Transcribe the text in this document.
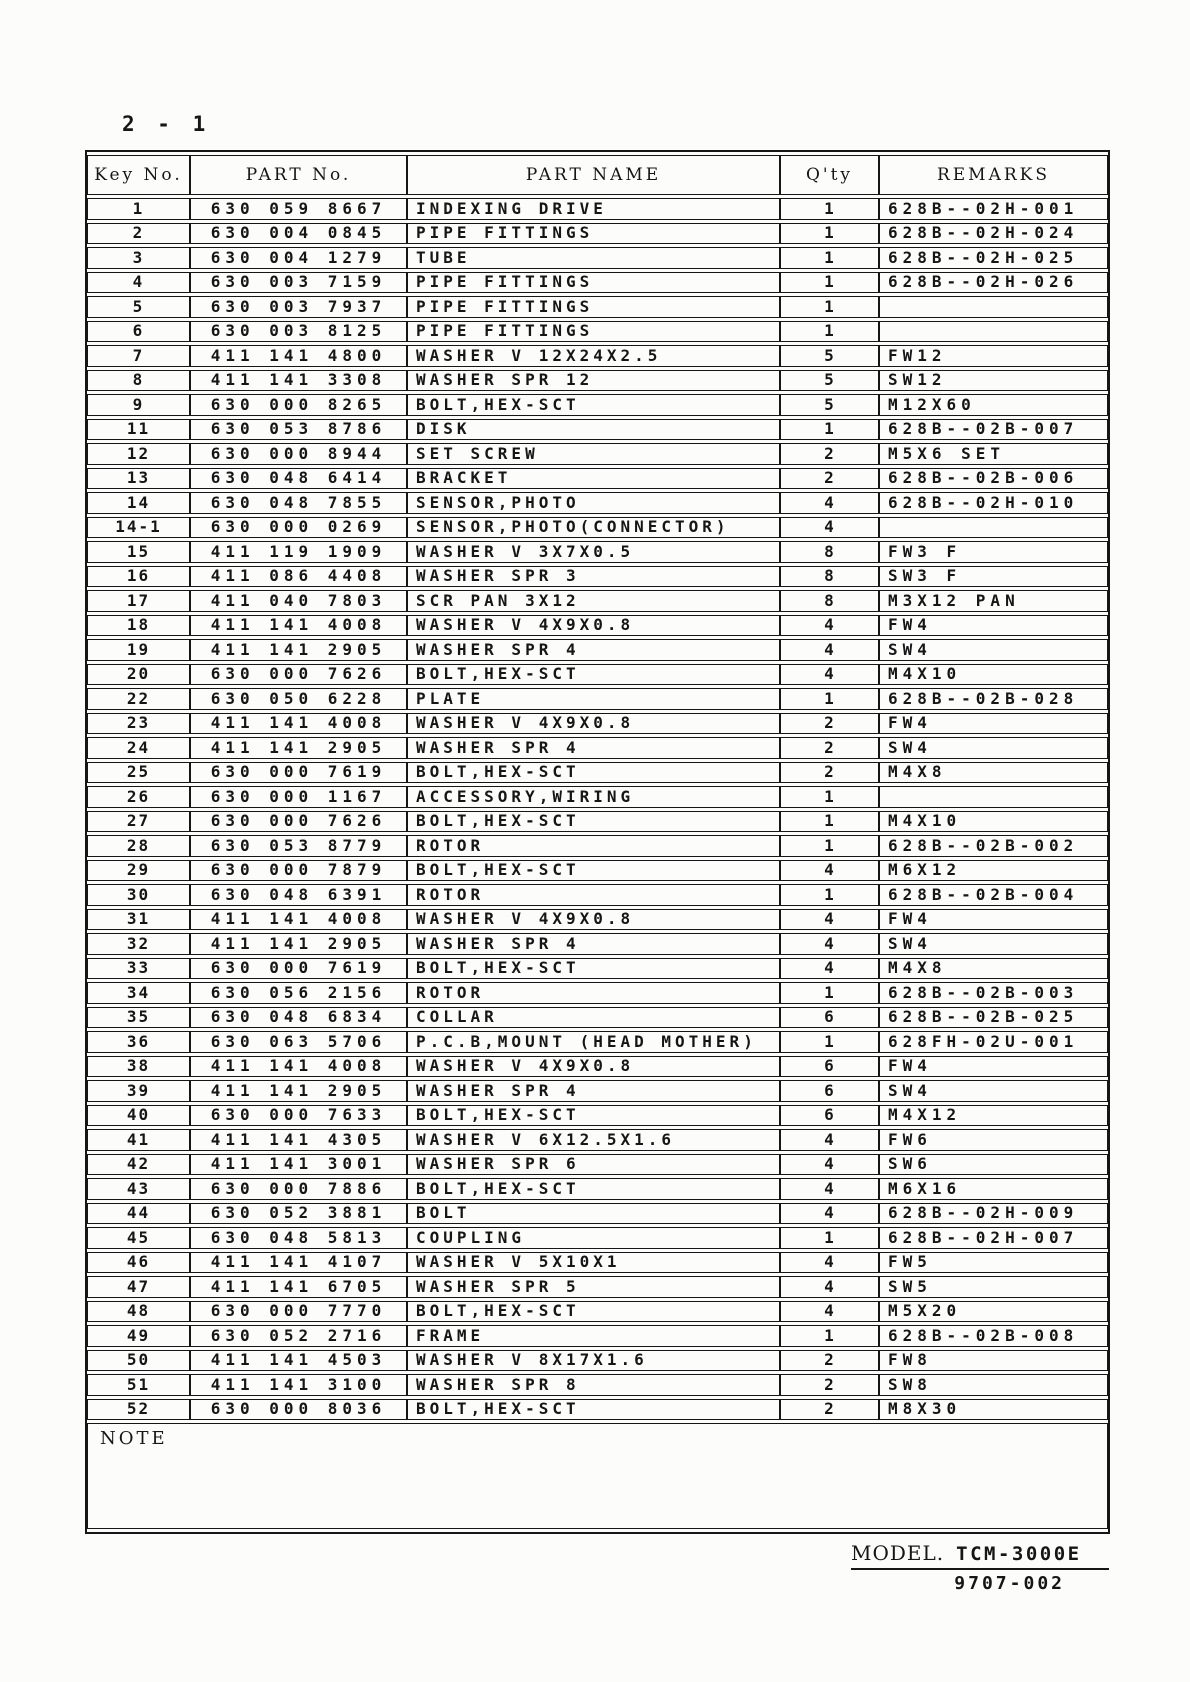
2 - 1
Key No.	PART No.	PART NAME	Q'ty	REMARKS
1	630 059 8667	INDEXING DRIVE	1	628B--02H-001
2	630 004 0845	PIPE FITTINGS	1	628B--02H-024
3	630 004 1279	TUBE	1	628B--02H-025
4	630 003 7159	PIPE FITTINGS	1	628B--02H-026
5	630 003 7937	PIPE FITTINGS	1	
6	630 003 8125	PIPE FITTINGS	1	
7	411 141 4800	WASHER V 12X24X2.5	5	FW12
8	411 141 3308	WASHER SPR 12	5	SW12
9	630 000 8265	BOLT,HEX-SCT	5	M12X60
11	630 053 8786	DISK	1	628B--02B-007
12	630 000 8944	SET SCREW	2	M5X6 SET
13	630 048 6414	BRACKET	2	628B--02B-006
14	630 048 7855	SENSOR,PHOTO	4	628B--02H-010
14-1	630 000 0269	SENSOR,PHOTO(CONNECTOR)	4	
15	411 119 1909	WASHER V 3X7X0.5	8	FW3 F
16	411 086 4408	WASHER SPR 3	8	SW3 F
17	411 040 7803	SCR PAN 3X12	8	M3X12 PAN
18	411 141 4008	WASHER V 4X9X0.8	4	FW4
19	411 141 2905	WASHER SPR 4	4	SW4
20	630 000 7626	BOLT,HEX-SCT	4	M4X10
22	630 050 6228	PLATE	1	628B--02B-028
23	411 141 4008	WASHER V 4X9X0.8	2	FW4
24	411 141 2905	WASHER SPR 4	2	SW4
25	630 000 7619	BOLT,HEX-SCT	2	M4X8
26	630 000 1167	ACCESSORY,WIRING	1	
27	630 000 7626	BOLT,HEX-SCT	1	M4X10
28	630 053 8779	ROTOR	1	628B--02B-002
29	630 000 7879	BOLT,HEX-SCT	4	M6X12
30	630 048 6391	ROTOR	1	628B--02B-004
31	411 141 4008	WASHER V 4X9X0.8	4	FW4
32	411 141 2905	WASHER SPR 4	4	SW4
33	630 000 7619	BOLT,HEX-SCT	4	M4X8
34	630 056 2156	ROTOR	1	628B--02B-003
35	630 048 6834	COLLAR	6	628B--02B-025
36	630 063 5706	P.C.B,MOUNT (HEAD MOTHER)	1	628FH-02U-001
38	411 141 4008	WASHER V 4X9X0.8	6	FW4
39	411 141 2905	WASHER SPR 4	6	SW4
40	630 000 7633	BOLT,HEX-SCT	6	M4X12
41	411 141 4305	WASHER V 6X12.5X1.6	4	FW6
42	411 141 3001	WASHER SPR 6	4	SW6
43	630 000 7886	BOLT,HEX-SCT	4	M6X16
44	630 052 3881	BOLT	4	628B--02H-009
45	630 048 5813	COUPLING	1	628B--02H-007
46	411 141 4107	WASHER V 5X10X1	4	FW5
47	411 141 6705	WASHER SPR 5	4	SW5
48	630 000 7770	BOLT,HEX-SCT	4	M5X20
49	630 052 2716	FRAME	1	628B--02B-008
50	411 141 4503	WASHER V 8X17X1.6	2	FW8
51	411 141 3100	WASHER SPR 8	2	SW8
52	630 000 8036	BOLT,HEX-SCT	2	M8X30
NOTE				
MODEL. TCM-3000E
9707-002
